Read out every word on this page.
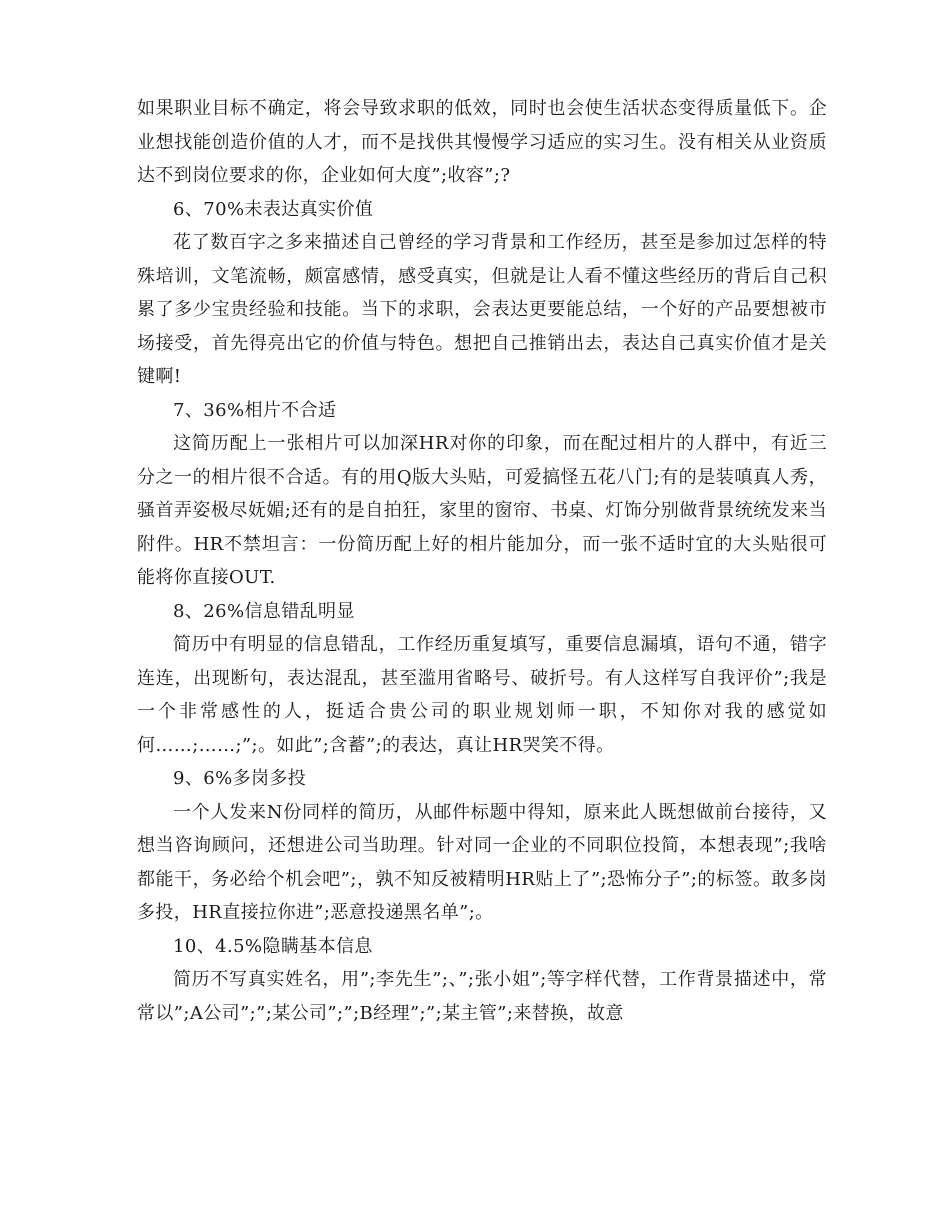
如果职业目标不确定，将会导致求职的低效，同时也会使生活状态变得质量低下。企业想找能创造价值的人才，而不是找供其慢慢学习适应的实习生。没有相关从业资质达不到岗位要求的你，企业如何大度”;收容”;?

6、70%未表达真实价值

花了数百字之多来描述自己曾经的学习背景和工作经历，甚至是参加过怎样的特殊培训，文笔流畅，颇富感情，感受真实，但就是让人看不懂这些经历的背后自己积累了多少宝贵经验和技能。当下的求职，会表达更要能总结，一个好的产品要想被市场接受，首先得亮出它的价值与特色。想把自己推销出去，表达自己真实价值才是关键啊!

7、36%相片不合适

这简历配上一张相片可以加深HR对你的印象，而在配过相片的人群中，有近三分之一的相片很不合适。有的用Q版大头贴，可爱搞怪五花八门;有的是装嗔真人秀，骚首弄姿极尽妩媚;还有的是自拍狂，家里的窗帘、书桌、灯饰分别做背景统统发来当附件。HR不禁坦言：一份简历配上好的相片能加分，而一张不适时宜的大头贴很可能将你直接OUT.

8、26%信息错乱明显

简历中有明显的信息错乱，工作经历重复填写，重要信息漏填，语句不通，错字连连，出现断句，表达混乱，甚至滥用省略号、破折号。有人这样写自我评价”;我是一个非常感性的人，挺适合贵公司的职业规划师一职，不知你对我的感觉如何……;……;”;。如此”;含蓄”;的表达，真让HR哭笑不得。

9、6%多岗多投

一个人发来N份同样的简历，从邮件标题中得知，原来此人既想做前台接待，又想当咨询顾问，还想进公司当助理。针对同一企业的不同职位投简，本想表现”;我啥都能干，务必给个机会吧”;，孰不知反被精明HR贴上了”;恐怖分子”;的标签。敢多岗多投，HR直接拉你进”;恶意投递黑名单”;。

10、4.5%隐瞒基本信息

简历不写真实姓名，用”;李先生”;、”;张小姐”;等字样代替，工作背景描述中，常常以”;A公司”;”;某公司”;”;B经理”;”;某主管”;来替换，故意
